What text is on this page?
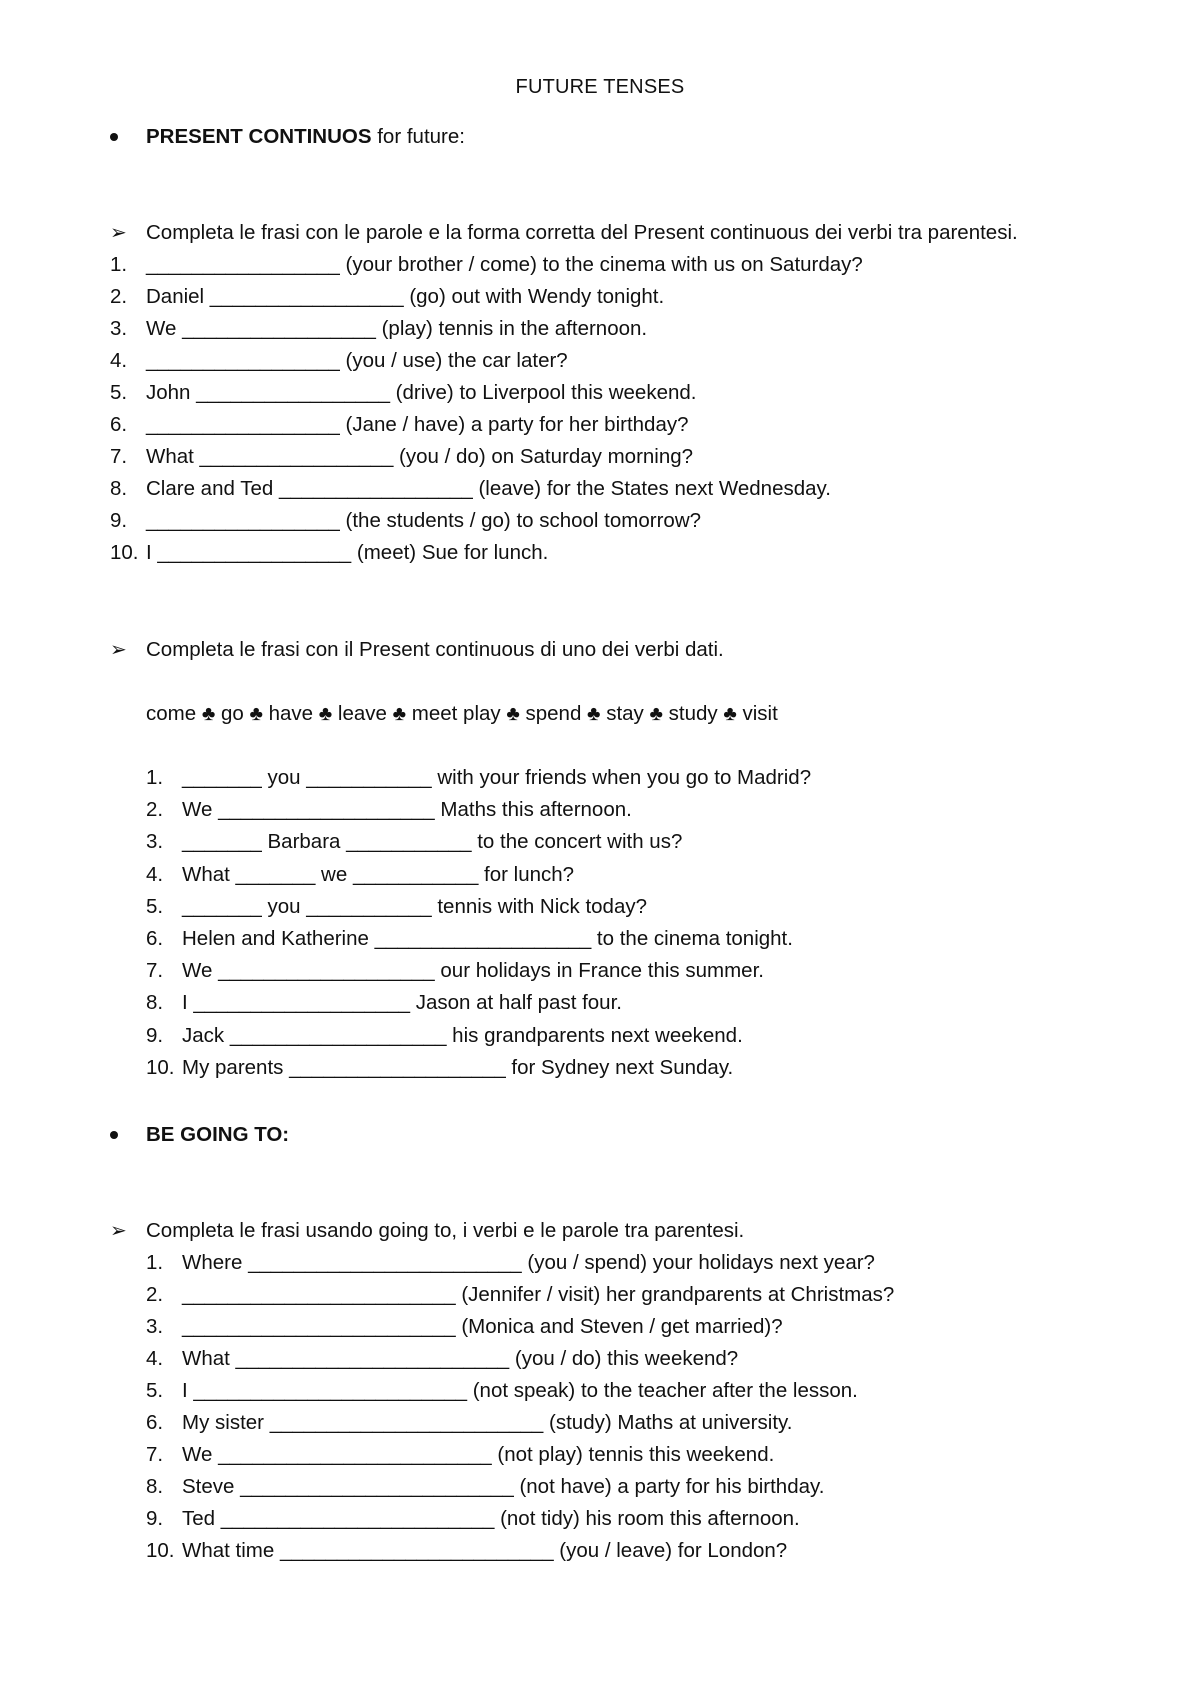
FUTURE TENSES
PRESENT CONTINUOS for future:
➢ Completa le frasi con le parole e la forma corretta del Present continuous dei verbi tra parentesi.
1. _________________ (your brother / come) to the cinema with us on Saturday?
2. Daniel _________________ (go) out with Wendy tonight.
3. We _________________ (play) tennis in the afternoon.
4. _________________ (you / use) the car later?
5. John _________________ (drive) to Liverpool this weekend.
6. _________________ (Jane / have) a party for her birthday?
7. What _________________ (you / do) on Saturday morning?
8. Clare and Ted _________________ (leave) for the States next Wednesday.
9. _________________ (the students / go) to school tomorrow?
10. I _________________ (meet) Sue for lunch.
➢ Completa le frasi con il Present continuous di uno dei verbi dati.
come ♣ go ♣ have ♣ leave ♣ meet play ♣ spend ♣ stay ♣ study ♣ visit
1. _______ you ___________ with your friends when you go to Madrid?
2. We ___________________ Maths this afternoon.
3. _______ Barbara ___________ to the concert with us?
4. What _______ we ___________ for lunch?
5. _______ you ___________ tennis with Nick today?
6. Helen and Katherine ___________________ to the cinema tonight.
7. We ___________________ our holidays in France this summer.
8. I ___________________ Jason at half past four.
9. Jack ___________________ his grandparents next weekend.
10. My parents ___________________ for Sydney next Sunday.
BE GOING TO:
➢ Completa le frasi usando going to, i verbi e le parole tra parentesi.
1. Where ________________________ (you / spend) your holidays next year?
2. ________________________ (Jennifer / visit) her grandparents at Christmas?
3. ________________________ (Monica and Steven / get married)?
4. What ________________________ (you / do) this weekend?
5. I ________________________ (not speak) to the teacher after the lesson.
6. My sister ________________________ (study) Maths at university.
7. We ________________________ (not play) tennis this weekend.
8. Steve ________________________ (not have) a party for his birthday.
9. Ted ________________________ (not tidy) his room this afternoon.
10. What time ________________________ (you / leave) for London?
